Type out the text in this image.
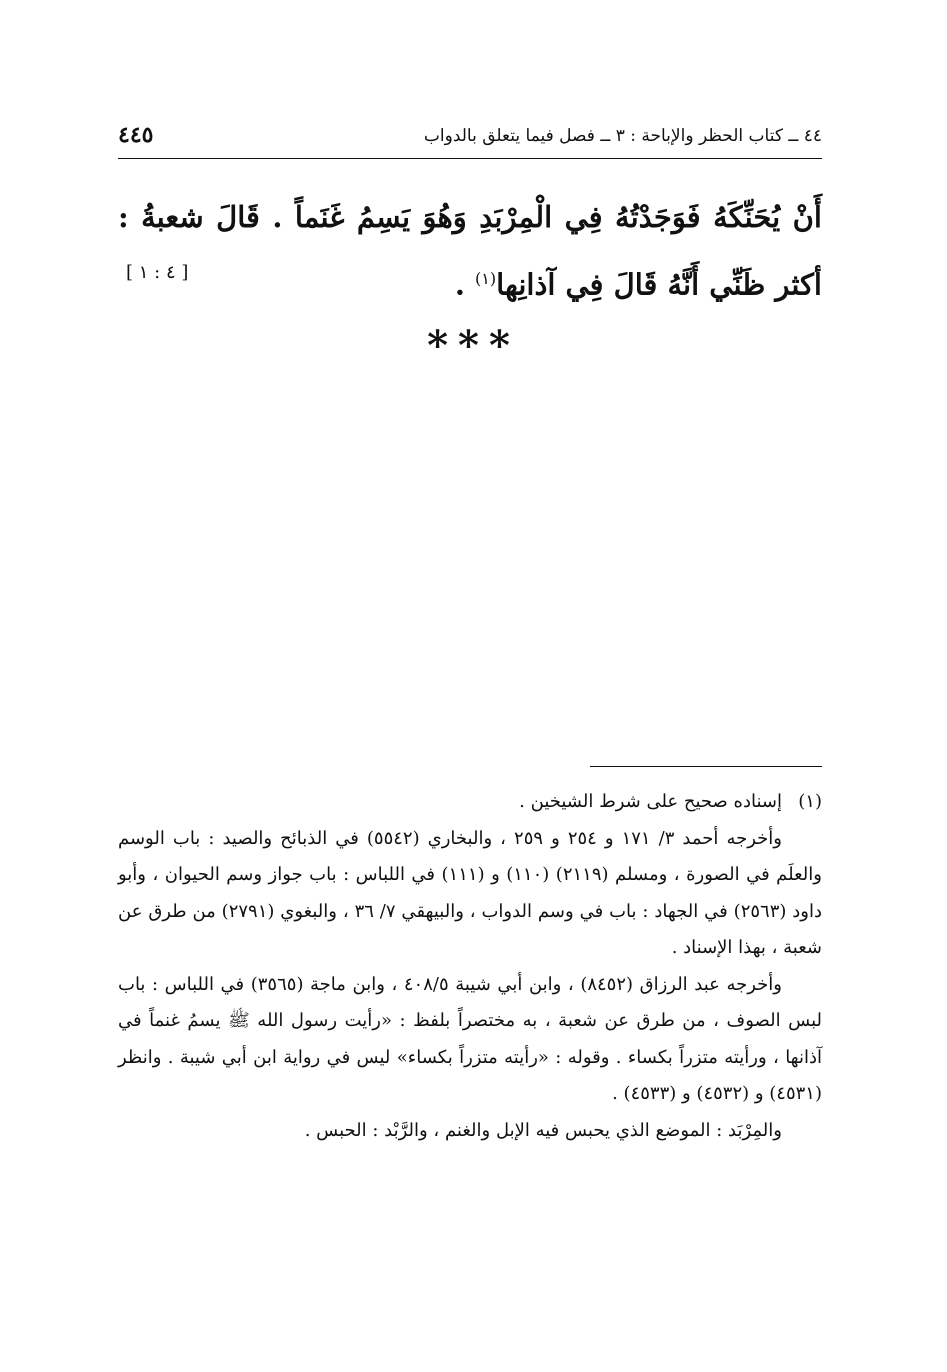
٤٤ ــ كتاب الحظر والإباحة : ٣ ــ فصل فيما يتعلق بالدواب
٤٤٥
أَنْ يُحَنِّكَهُ فَوَجَدْتُهُ فِي الْمِرْبَدِ وَهُوَ يَسِمُ غَنَماً . قَالَ شعبةُ : أكثر ظَنِّي أَنَّهُ قَالَ فِي آذانِها$^{(١)}$ .
[ ٤ : ١ ]
***

(١)إسناده صحيح على شرط الشيخين .

وأخرجه أحمد ٣/ ١٧١ و ٢٥٤ و ٢٥٩ ، والبخاري (٥٥٤٢) في الذبائح والصيد : باب الوسم والعلَم في الصورة ، ومسلم (٢١١٩) (١١٠) و (١١١) في اللباس : باب جواز وسم الحيوان ، وأبو داود (٢٥٦٣) في الجهاد : باب في وسم الدواب ، والبيهقي ٧/ ٣٦ ، والبغوي (٢٧٩١) من طرق عن شعبة ، بهذا الإسناد .

وأخرجه عبد الرزاق (٨٤٥٢) ، وابن أبي شيبة ٤٠٨/٥ ، وابن ماجة (٣٥٦٥) في اللباس : باب لبس الصوف ، من طرق عن شعبة ، به مختصراً بلفظ : «رأيت رسول الله ﷺ يسمُ غنماً في آذانها ، ورأيته متزراً بكساء . وقوله : «رأيته متزراً بكساء» ليس في رواية ابن أبي شيبة . وانظر (٤٥٣١) و (٤٥٣٢) و (٤٥٣٣) .

والمِرْبَد : الموضع الذي يحبس فيه الإبل والغنم ، والرَّبْد : الحبس .
